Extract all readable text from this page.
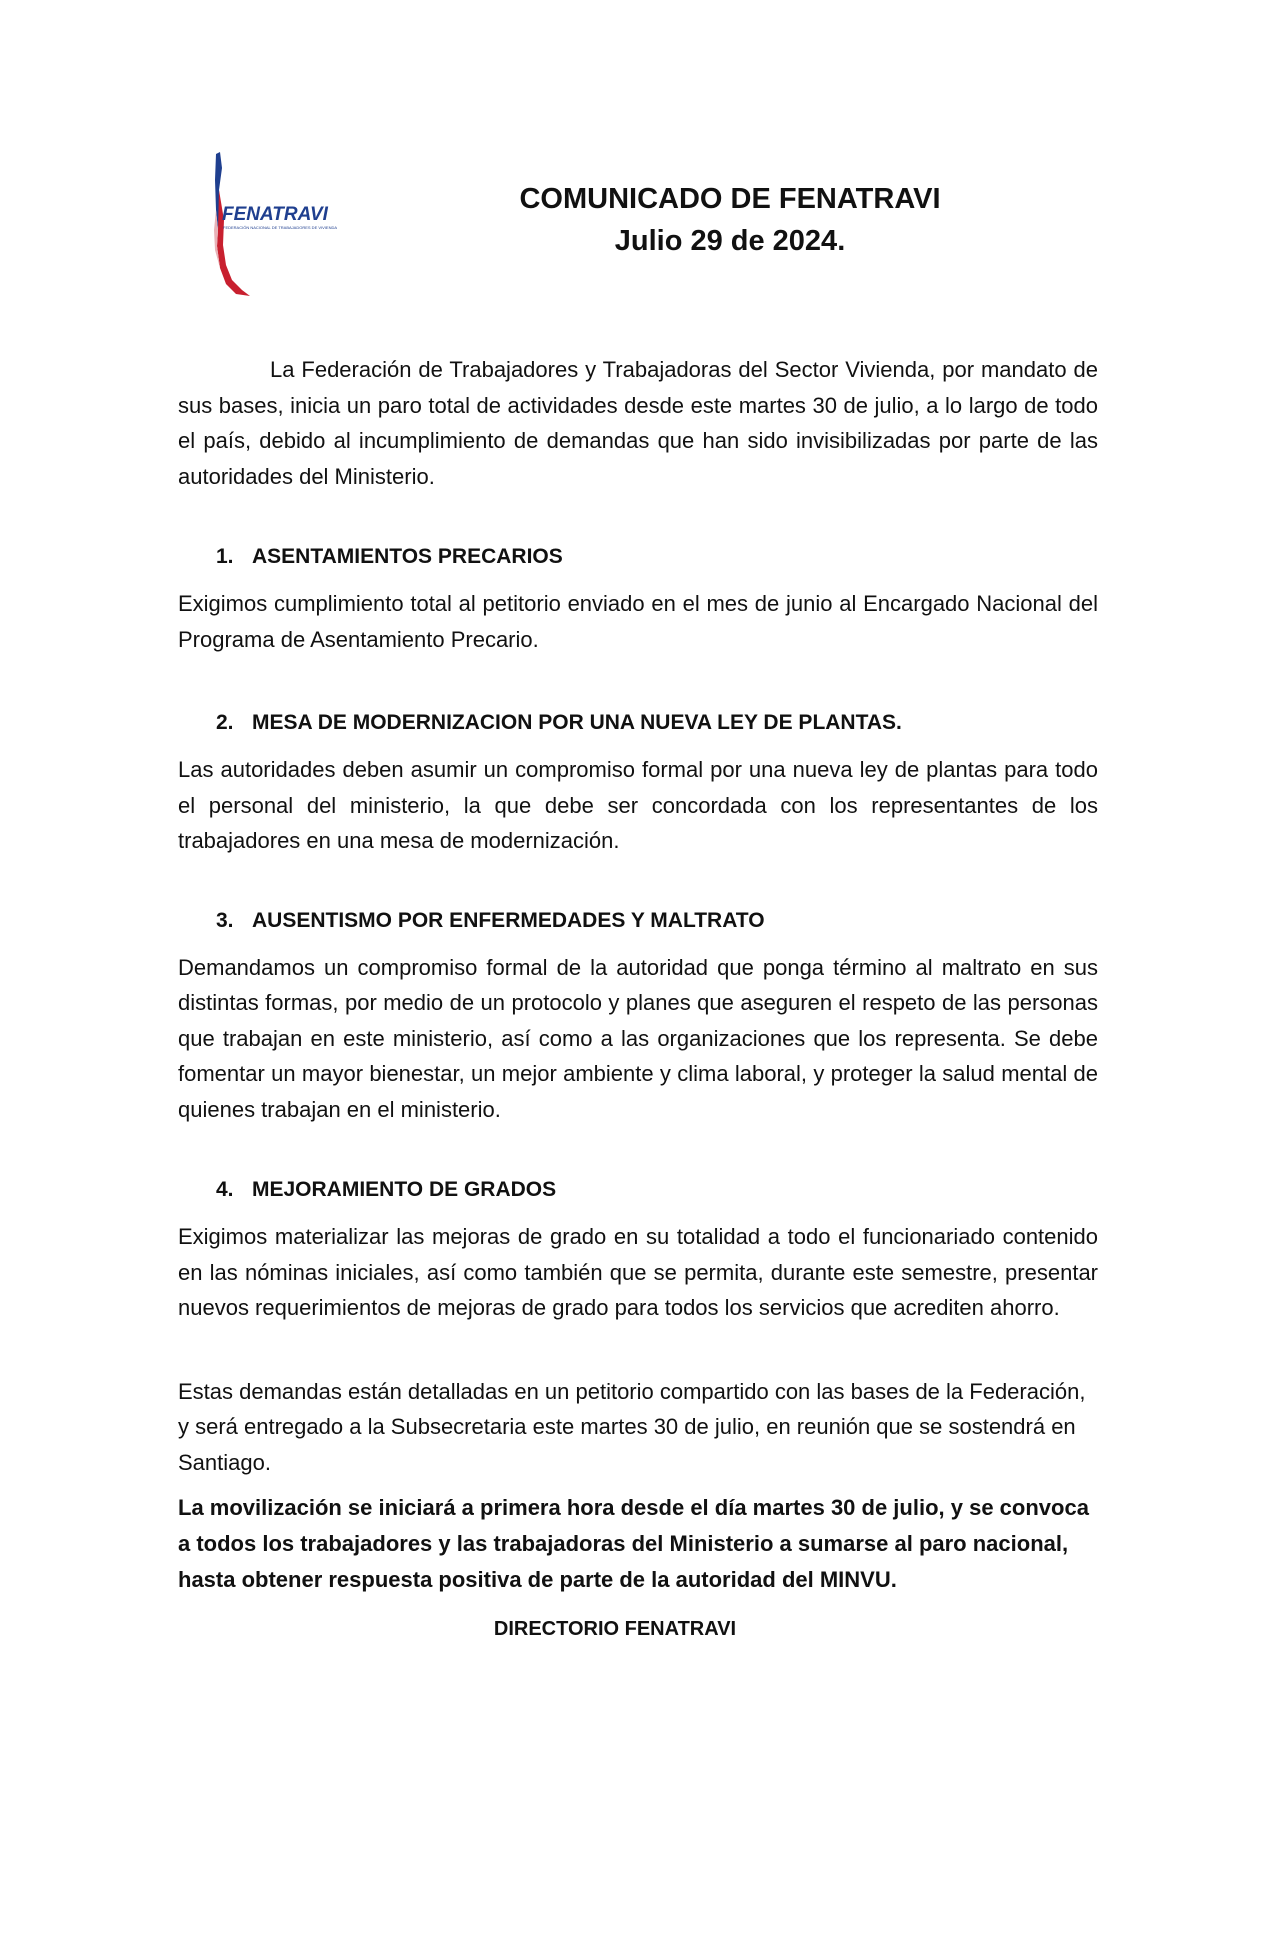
FENATRAVI
FEDERACIÓN NACIONAL DE TRABAJADORES DE VIVIENDA
COMUNICADO DE FENATRAVI
Julio 29 de 2024.

La Federación de Trabajadores y Trabajadoras del Sector Vivienda, por mandato de sus bases, inicia un paro total de actividades desde este martes 30 de julio, a lo largo de todo el país, debido al incumplimiento de demandas que han sido invisibilizadas por parte de las autoridades del Ministerio.

1. ASENTAMIENTOS PRECARIOS

Exigimos cumplimiento total al petitorio enviado en el mes de junio al Encargado Nacional del Programa de Asentamiento Precario.

2. MESA DE MODERNIZACION POR UNA NUEVA LEY DE PLANTAS.

Las autoridades deben asumir un compromiso formal por una nueva ley de plantas para todo el personal del ministerio, la que debe ser concordada con los representantes de los trabajadores en una mesa de modernización.

3. AUSENTISMO POR ENFERMEDADES Y MALTRATO

Demandamos un compromiso formal de la autoridad que ponga término al maltrato en sus distintas formas, por medio de un protocolo y planes que aseguren el respeto de las personas que trabajan en este ministerio, así como a las organizaciones que los representa. Se debe fomentar un mayor bienestar, un mejor ambiente y clima laboral, y proteger la salud mental de quienes trabajan en el ministerio.

4. MEJORAMIENTO DE GRADOS

Exigimos materializar las mejoras de grado en su totalidad a todo el funcionariado contenido en las nóminas iniciales, así como también que se permita, durante este semestre, presentar nuevos requerimientos de mejoras de grado para todos los servicios que acrediten ahorro.

Estas demandas están detalladas en un petitorio compartido con las bases de la Federación, y será entregado a la Subsecretaria este martes 30 de julio, en reunión que se sostendrá en Santiago.

La movilización se iniciará a primera hora desde el día martes 30 de julio, y se convoca a todos los trabajadores y las trabajadoras del Ministerio a sumarse al paro nacional, hasta obtener respuesta positiva de parte de la autoridad del MINVU.

DIRECTORIO FENATRAVI
